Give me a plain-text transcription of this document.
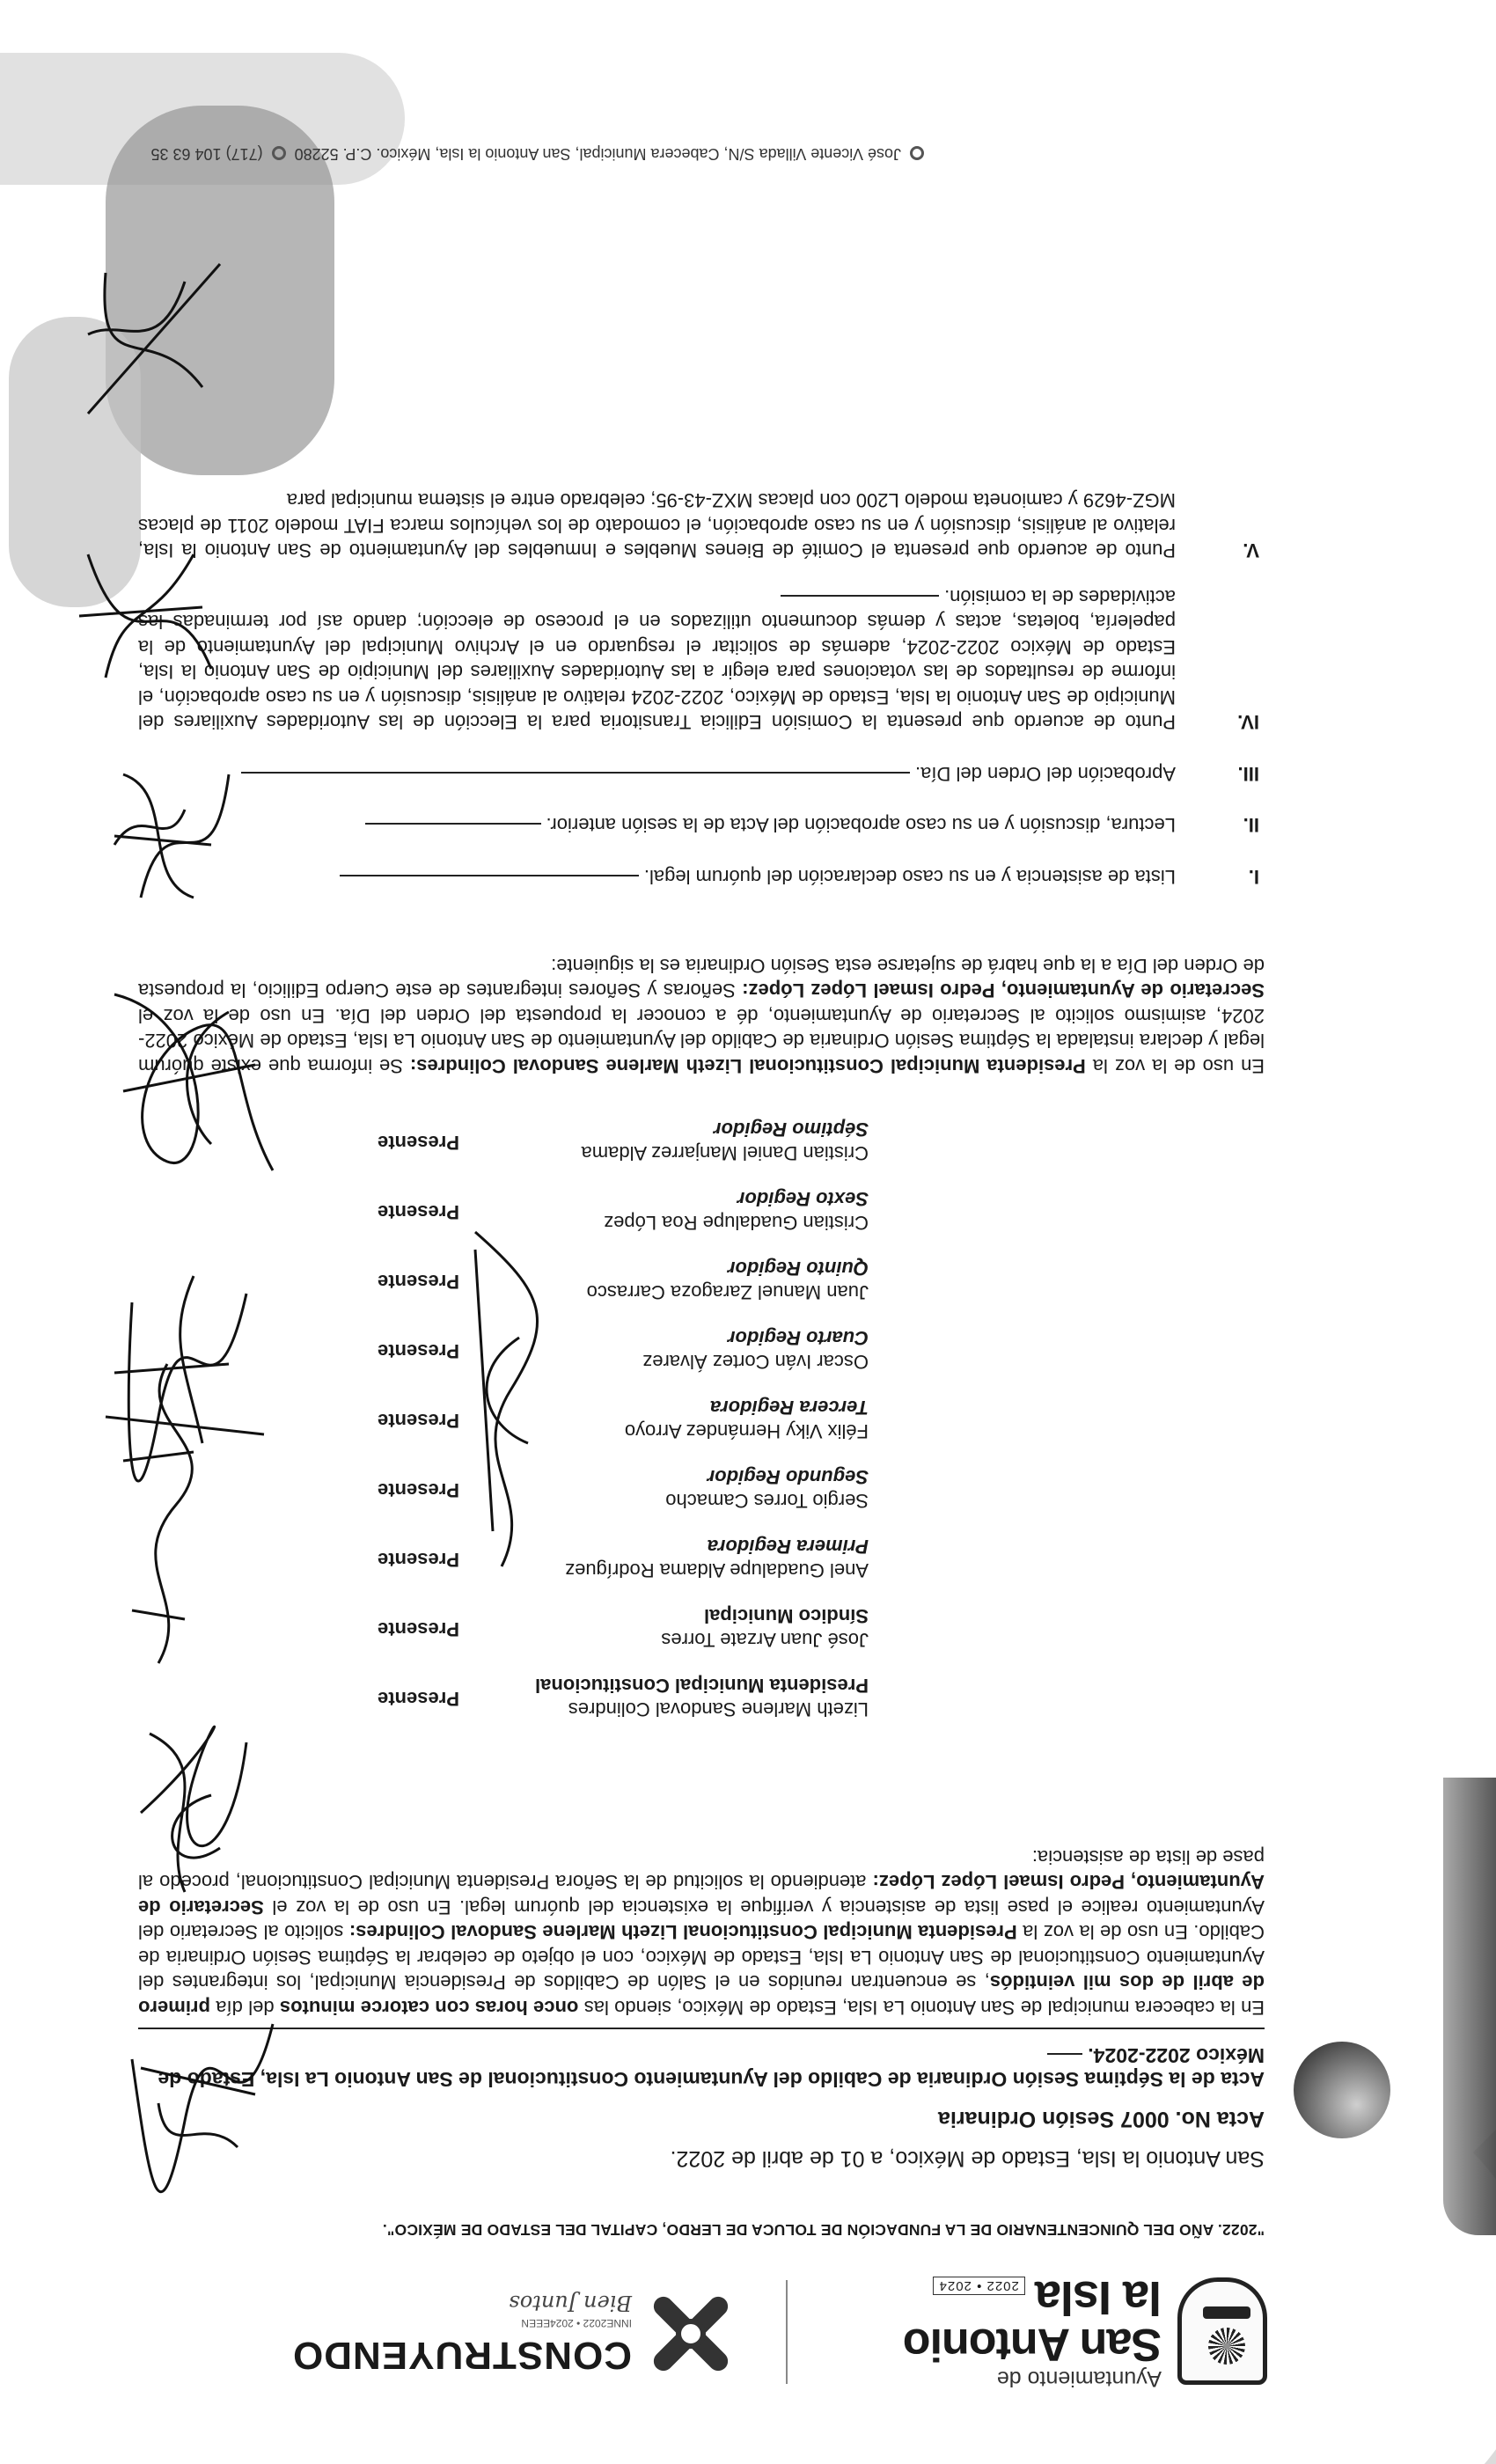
Ayuntamiento de
San Antonio
la Isla
2022 • 2024
CONSTRUYENDO
INNE2022 • 2024EEEN
Bien Juntos
"2022. AÑO DEL QUINCENTENARIO DE LA FUNDACIÓN DE TOLUCA DE LERDO, CAPITAL DEL ESTADO DE MÉXICO".
San Antonio la Isla, Estado de México, a 01 de abril de 2022.
Acta No. 0007 Sesión Ordinaria
Acta de la Séptima Sesión Ordinaria de Cabildo del Ayuntamiento Constitucional de San Antonio La Isla, Estado de México 2022-2024.

En la cabecera municipal de San Antonio La Isla, Estado de México, siendo las once horas con catorce minutos del día primero de abril de dos mil veintidós, se encuentran reunidos en el Salón de Cabildos de Presidencia Municipal, los integrantes del Ayuntamiento Constitucional de San Antonio La Isla, Estado de México, con el objeto de celebrar la Séptima Sesión Ordinaria de Cabildo. En uso de la voz la Presidenta Municipal Constitucional Lizeth Marlene Sandoval Colindres: solicito al Secretario del Ayuntamiento realice el pase lista de asistencia y verifique la existencia del quórum legal. En uso de la voz el Secretario de Ayuntamiento, Pedro Ismael López López: atendiendo la solicitud de la Señora Presidenta Municipal Constitucional, procedo al pase de lista de asistencia:

Lizeth Marlene Sandoval Colindres
Presidenta Municipal Constitucional
Presente
José Juan Arzate Torres
Síndico Municipal
Presente
Anel Guadalupe Aldama Rodríguez
Primera Regidora
Presente
Sergio Torres Camacho
Segundo Regidor
Presente
Félix Viky Hernández Arroyo
Tercera Regidora
Presente
Oscar Iván Cortez Álvarez
Cuarto Regidor
Presente
Juan Manuel Zaragoza Carrasco
Quinto Regidor
Presente
Cristian Guadalupe Roa López
Sexto Regidor
Presente
Cristian Daniel Manjarrez Aldama
Séptimo Regidor
Presente

En uso de la voz la Presidenta Municipal Constitucional Lizeth Marlene Sandoval Colindres: Se informa que existe quórum legal y declara instalada la Séptima Sesión Ordinaria de Cabildo del Ayuntamiento de San Antonio La Isla, Estado de México 2022-2024, asimismo solicito al Secretario de Ayuntamiento, dé a conocer la propuesta del Orden del Día. En uso de la voz el Secretario de Ayuntamiento, Pedro Ismael López López: Señoras y Señores integrantes de este Cuerpo Edilicio, la propuesta de Orden del Día a la que habrá de sujetarse esta Sesión Ordinaria es la siguiente:

I.
Lista de asistencia y en su caso declaración del quórum legal.
II.
Lectura, discusión y en su caso aprobación del Acta de la sesión anterior.
III.
Aprobación del Orden del Día.
IV.
Punto de acuerdo que presenta la Comisión Edilicia Transitoria para la Elección de las Autoridades Auxiliares del Municipio de San Antonio la Isla, Estado de México, 2022-2024 relativo al análisis, discusión y en su caso aprobación, el informe de resultados de las votaciones para elegir a las Autoridades Auxiliares del Municipio de San Antonio la Isla, Estado de México 2022-2024, además de solicitar el resguardo en el Archivo Municipal del Ayuntamiento de la papelería, boletas, actas y demás documento utilizados en el proceso de elección; dando así por terminadas las actividades de la comisión.
V.
Punto de acuerdo que presenta el Comité de Bienes Muebles e Inmuebles del Ayuntamiento de San Antonio la Isla, relativo al análisis, discusión y en su caso aprobación, el comodato de los vehículos marca FIAT modelo 2011 de placas MGZ-4629 y camioneta modelo L200 con placas MXZ-43-95; celebrado entre el sistema municipal para
José Vicente Villada S/N, Cabecera Municipal, San Antonio la Isla, México. C.P. 52280
(717) 104 63 35
